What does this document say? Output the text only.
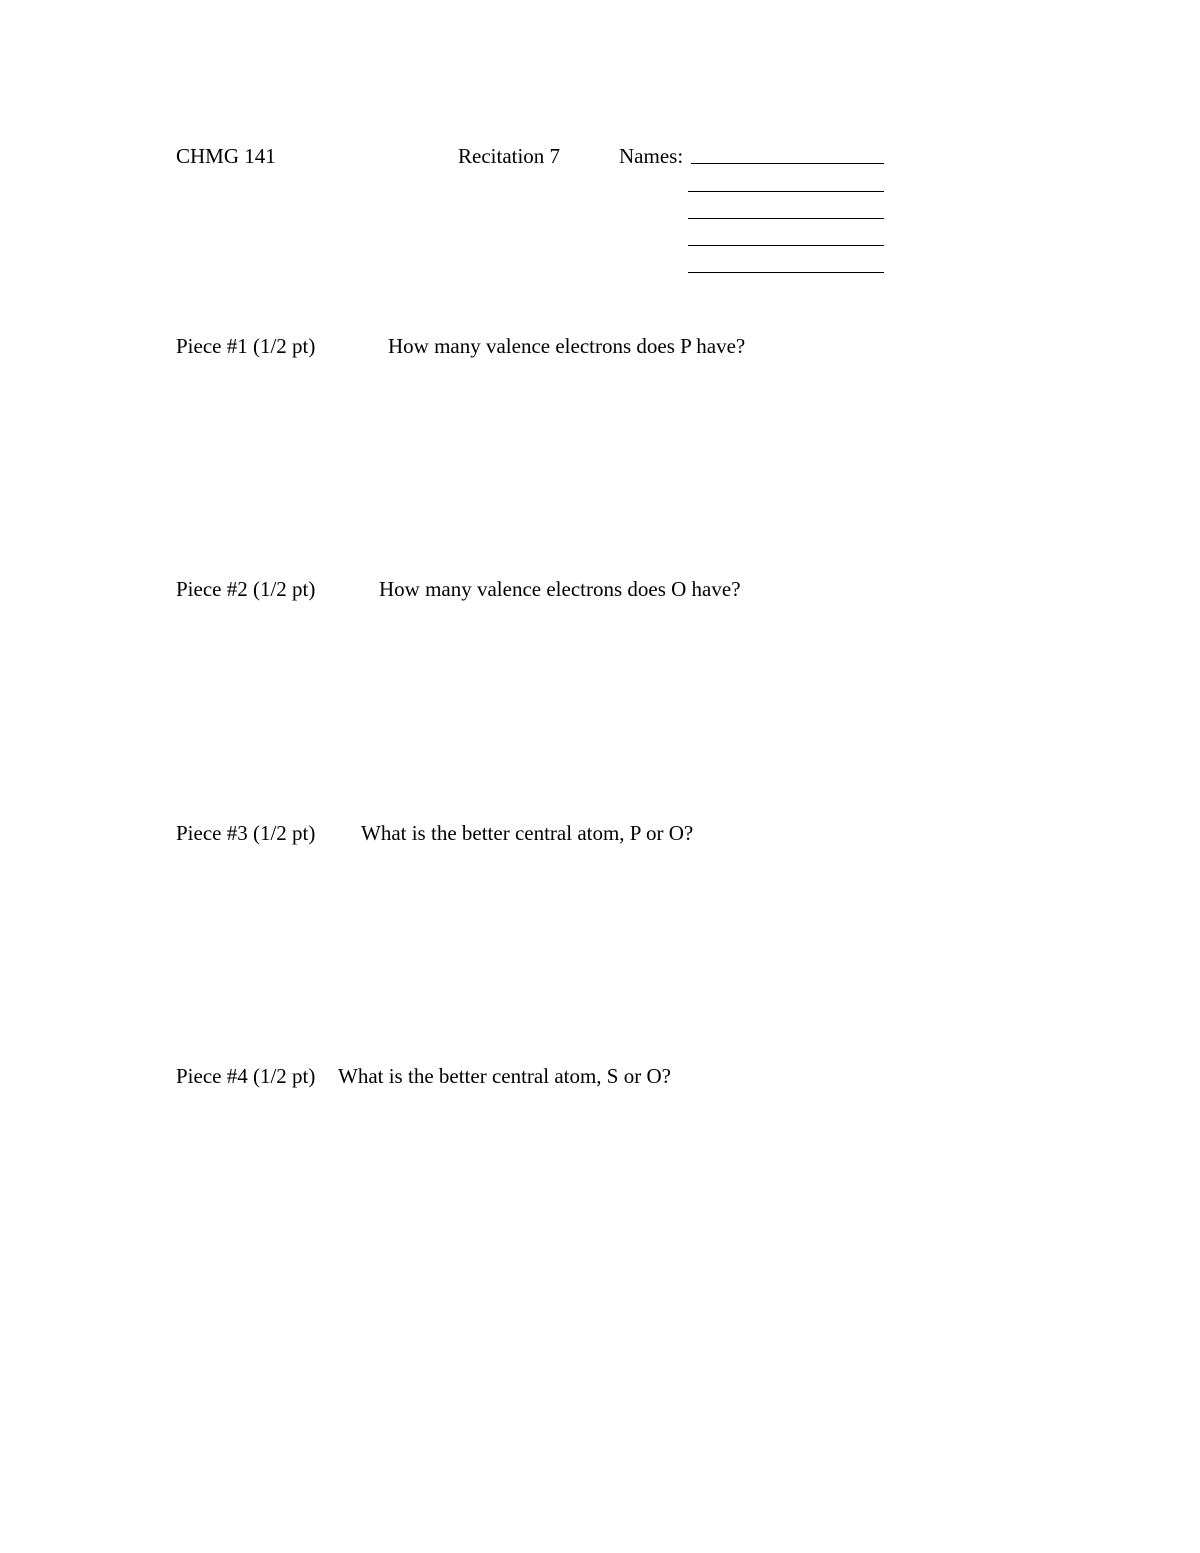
CHMG 141	Recitation 7	Names:
Piece #1 (1/2 pt)	How many valence electrons does P have?
Piece #2 (1/2 pt)	How many valence electrons does O have?
Piece #3 (1/2 pt) What is the better central atom, P or O?
Piece #4 (1/2 pt) What is the better central atom, S or O?
